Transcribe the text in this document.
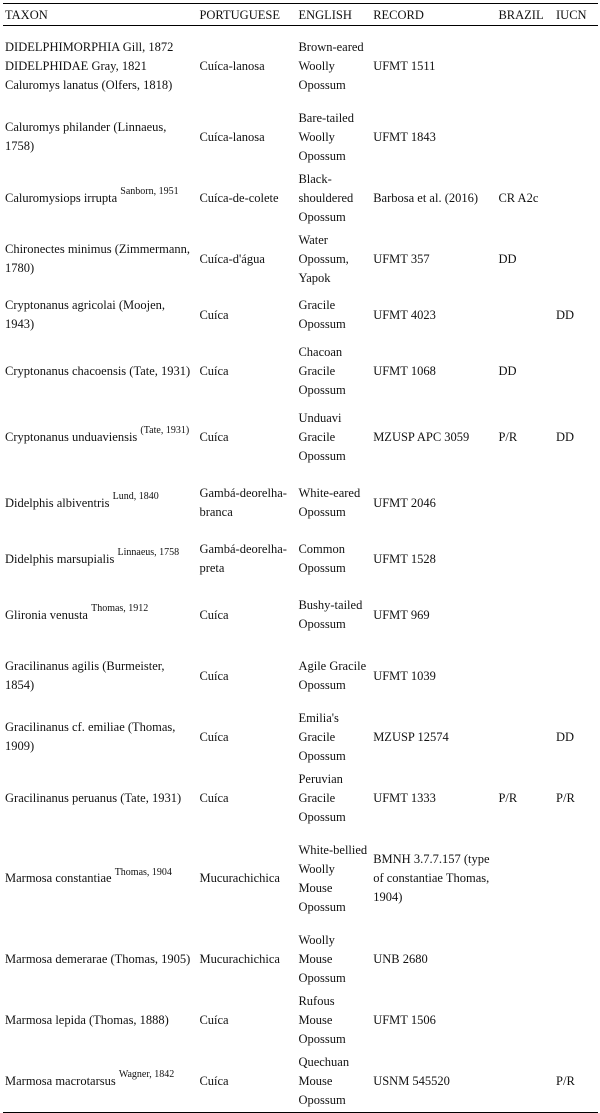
TAXON	PORTUGUESE	ENGLISH	RECORD	BRAZIL	IUCN
DIDELPHIMORPHIA Gill, 1872 DIDELPHIDAE Gray, 1821 Caluromys lanatus (Olfers, 1818)	Cuíca-lanosa	Brown-eared Woolly Opossum	UFMT 1511		
Caluromys philander (Linnaeus, 1758)	Cuíca-lanosa	Bare-tailed Woolly Opossum	UFMT 1843		
Caluromysiops irrupta $^{Sanborn, 1951}$	Cuíca-de-colete	Black-shouldered Opossum	Barbosa et al. (2016)	CR A2c	
Chironectes minimus (Zimmermann, 1780)	Cuíca-d'água	Water Opossum, Yapok	UFMT 357	DD	
Cryptonanus agricolai (Moojen, 1943)	Cuíca	Gracile Opossum	UFMT 4023		DD
Cryptonanus chacoensis (Tate, 1931)	Cuíca	Chacoan Gracile Opossum	UFMT 1068	DD	
Cryptonanus unduaviensis $^{(Tate, 1931)}$	Cuíca	Unduavi Gracile Opossum	MZUSP APC 3059	P/R	DD
Didelphis albiventris $^{Lund, 1840}$	Gambá-deorelha-branca	White-eared Opossum	UFMT 2046		
Didelphis marsupialis $^{Linnaeus, 1758}$	Gambá-deorelha-preta	Common Opossum	UFMT 1528		
Glironia venusta $^{Thomas, 1912}$	Cuíca	Bushy-tailed Opossum	UFMT 969		
Gracilinanus agilis (Burmeister, 1854)	Cuíca	Agile Gracile Opossum	UFMT 1039		
Gracilinanus cf. emiliae (Thomas, 1909)	Cuíca	Emilia's Gracile Opossum	MZUSP 12574		DD
Gracilinanus peruanus (Tate, 1931)	Cuíca	Peruvian Gracile Opossum	UFMT 1333	P/R	P/R
Marmosa constantiae $^{Thomas, 1904}$	Mucurachichica	White-bellied Woolly Mouse Opossum	BMNH 3.7.7.157 (type of constantiae Thomas, 1904)		
Marmosa demerarae (Thomas, 1905)	Mucurachichica	Woolly Mouse Opossum	UNB 2680		
Marmosa lepida (Thomas, 1888)	Cuíca	Rufous Mouse Opossum	UFMT 1506		
Marmosa macrotarsus $^{Wagner, 1842}$	Cuíca	Quechuan Mouse Opossum	USNM 545520		P/R
